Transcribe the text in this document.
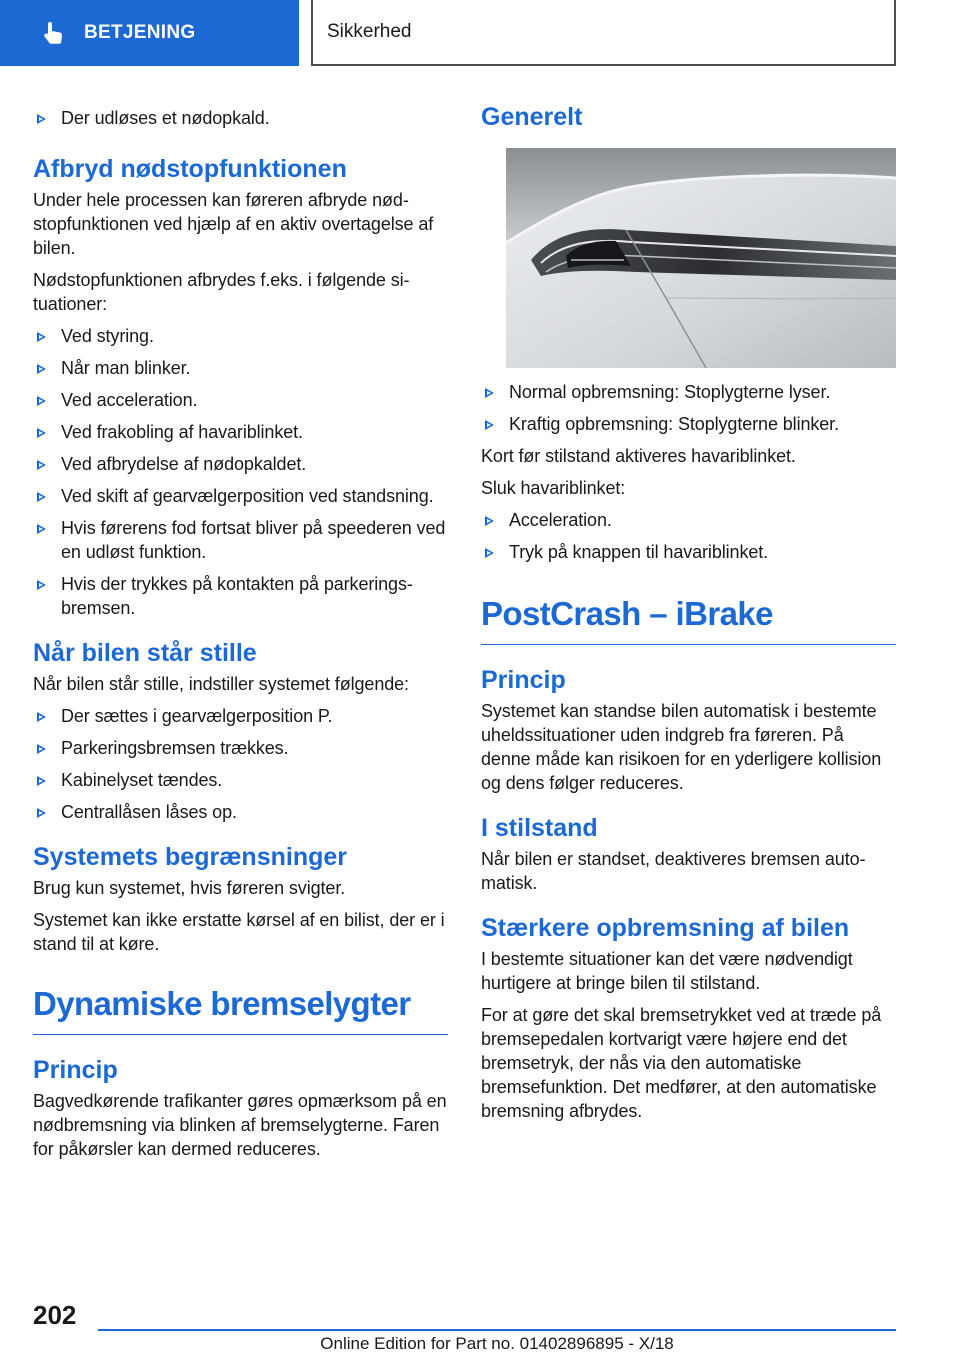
BETJENING	Sikkerhed
Der udløses et nødopkald.
Afbryd nødstopfunktionen

Under hele processen kan føreren afbryde nødstopfunktionen ved hjælp af en aktiv overtagelse af bilen.

Nødstopfunktionen afbrydes f.eks. i følgende situationer:

Ved styring.
Når man blinker.
Ved acceleration.
Ved frakobling af havariblinket.
Ved afbrydelse af nødopkaldet.
Ved skift af gearvælgerposition ved standsning.
Hvis førerens fod fortsat bliver på speederen ved en udløst funktion.
Hvis der trykkes på kontakten på parkeringsbremsen.
Når bilen står stille

Når bilen står stille, indstiller systemet følgende:

Der sættes i gearvælgerposition P.
Parkeringsbremsen trækkes.
Kabinelyset tændes.
Centrallåsen låses op.
Systemets begrænsninger

Brug kun systemet, hvis føreren svigter.

Systemet kan ikke erstatte kørsel af en bilist, der er i stand til at køre.

Dynamiske bremselygter
Princip

Bagvedkørende trafikanter gøres opmærksom på en nødbremsning via blinken af bremselygterne. Faren for påkørsler kan dermed reduceres.

Generelt
Normal opbremsning: Stoplygterne lyser.
Kraftig opbremsning: Stoplygterne blinker.

Kort før stilstand aktiveres havariblinket.

Sluk havariblinket:

Acceleration.
Tryk på knappen til havariblinket.
PostCrash – iBrake
Princip

Systemet kan standse bilen automatisk i bestemte uheldssituationer uden indgreb fra føreren. På denne måde kan risikoen for en yderligere kollision og dens følger reduceres.

I stilstand

Når bilen er standset, deaktiveres bremsen automatisk.

Stærkere opbremsning af bilen

I bestemte situationer kan det være nødvendigt hurtigere at bringe bilen til stilstand.

For at gøre det skal bremsetrykket ved at træde på bremsepedalen kortvarigt være højere end det bremsetryk, der nås via den automatiske bremsefunktion. Det medfører, at den automatiske bremsning afbrydes.

202
Online Edition for Part no. 01402896895 - X/18
